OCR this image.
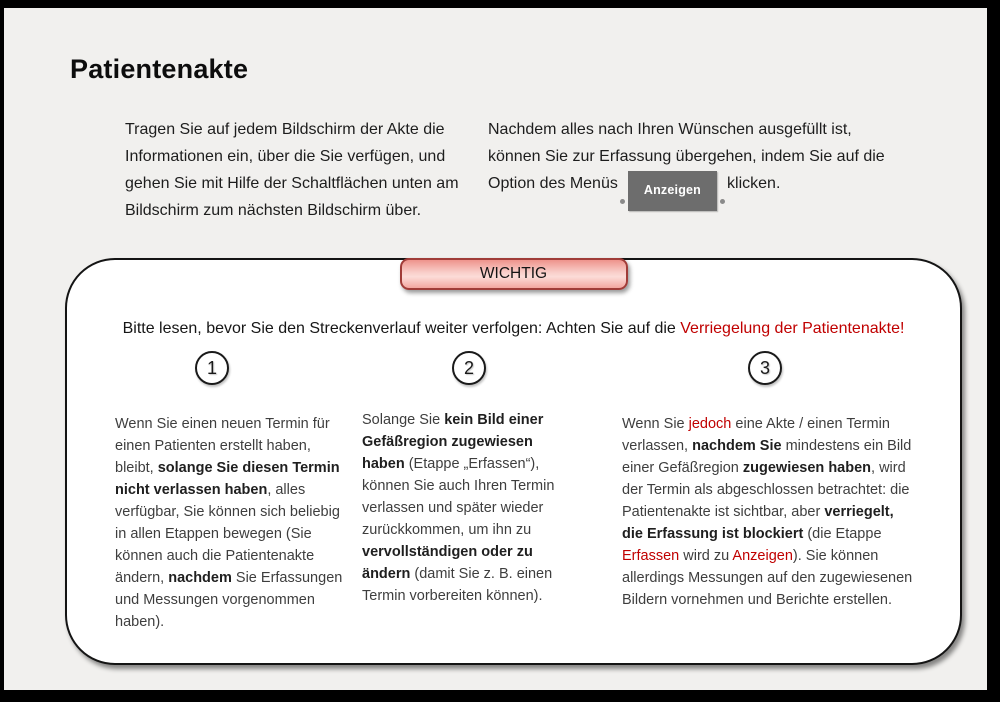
Patientenakte

Tragen Sie auf jedem Bildschirm der Akte die Informationen ein, über die Sie verfügen, und gehen Sie mit Hilfe der Schaltflächen unten am Bildschirm zum nächsten Bildschirm über.

Nachdem alles nach Ihren Wünschen ausgefüllt ist, können Sie zur Erfassung übergehen, indem Sie auf die Option des Menüs Anzeigen klicken.

WICHTIG

Bitte lesen, bevor Sie den Streckenverlauf weiter verfolgen: Achten Sie auf die Verriegelung der Patientenakte!

1	2	3

Wenn Sie einen neuen Termin für einen Patienten erstellt haben, bleibt, solange Sie diesen Termin nicht verlassen haben, alles verfügbar, Sie können sich beliebig in allen Etappen bewegen (Sie können auch die Patientenakte ändern, nachdem Sie Erfassungen und Messungen vorgenommen haben).

Solange Sie kein Bild einer Gefäßregion zugewiesen haben (Etappe „Erfassen“), können Sie auch Ihren Termin verlassen und später wieder zurückkommen, um ihn zu vervollständigen oder zu ändern (damit Sie z. B. einen Termin vorbereiten können).

Wenn Sie jedoch eine Akte / einen Termin verlassen, nachdem Sie mindestens ein Bild einer Gefäßregion zugewiesen haben, wird der Termin als abgeschlossen betrachtet: die Patientenakte ist sichtbar, aber verriegelt, die Erfassung ist blockiert (die Etappe Erfassen wird zu Anzeigen). Sie können allerdings Messungen auf den zugewiesenen Bildern vornehmen und Berichte erstellen.
